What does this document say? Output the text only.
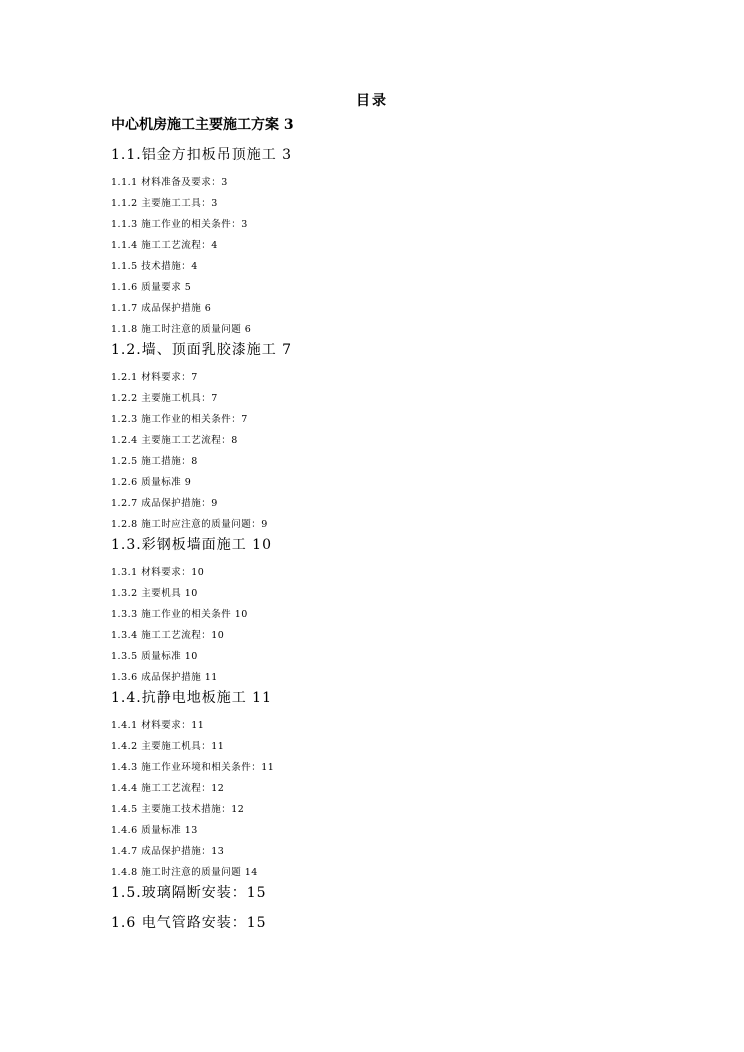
目录
中心机房施工主要施工方案 3
1.1.铝金方扣板吊顶施工 3
1.1.1 材料准备及要求：3
1.1.2 主要施工工具：3
1.1.3 施工作业的相关条件：3
1.1.4 施工工艺流程：4
1.1.5 技术措施：4
1.1.6 质量要求 5
1.1.7 成品保护措施 6
1.1.8 施工时注意的质量问题 6
1.2.墙、顶面乳胶漆施工 7
1.2.1 材料要求：7
1.2.2 主要施工机具：7
1.2.3 施工作业的相关条件：7
1.2.4 主要施工工艺流程：8
1.2.5 施工措施：8
1.2.6 质量标准 9
1.2.7 成品保护措施：9
1.2.8 施工时应注意的质量问题：9
1.3.彩钢板墙面施工 10
1.3.1 材料要求：10
1.3.2 主要机具 10
1.3.3 施工作业的相关条件 10
1.3.4 施工工艺流程：10
1.3.5 质量标准 10
1.3.6 成品保护措施 11
1.4.抗静电地板施工 11
1.4.1 材料要求：11
1.4.2 主要施工机具：11
1.4.3 施工作业环境和相关条件：11
1.4.4 施工工艺流程：12
1.4.5 主要施工技术措施：12
1.4.6 质量标准 13
1.4.7 成品保护措施：13
1.4.8 施工时注意的质量问题 14
1.5.玻璃隔断安装：15
1.6 电气管路安装：15
